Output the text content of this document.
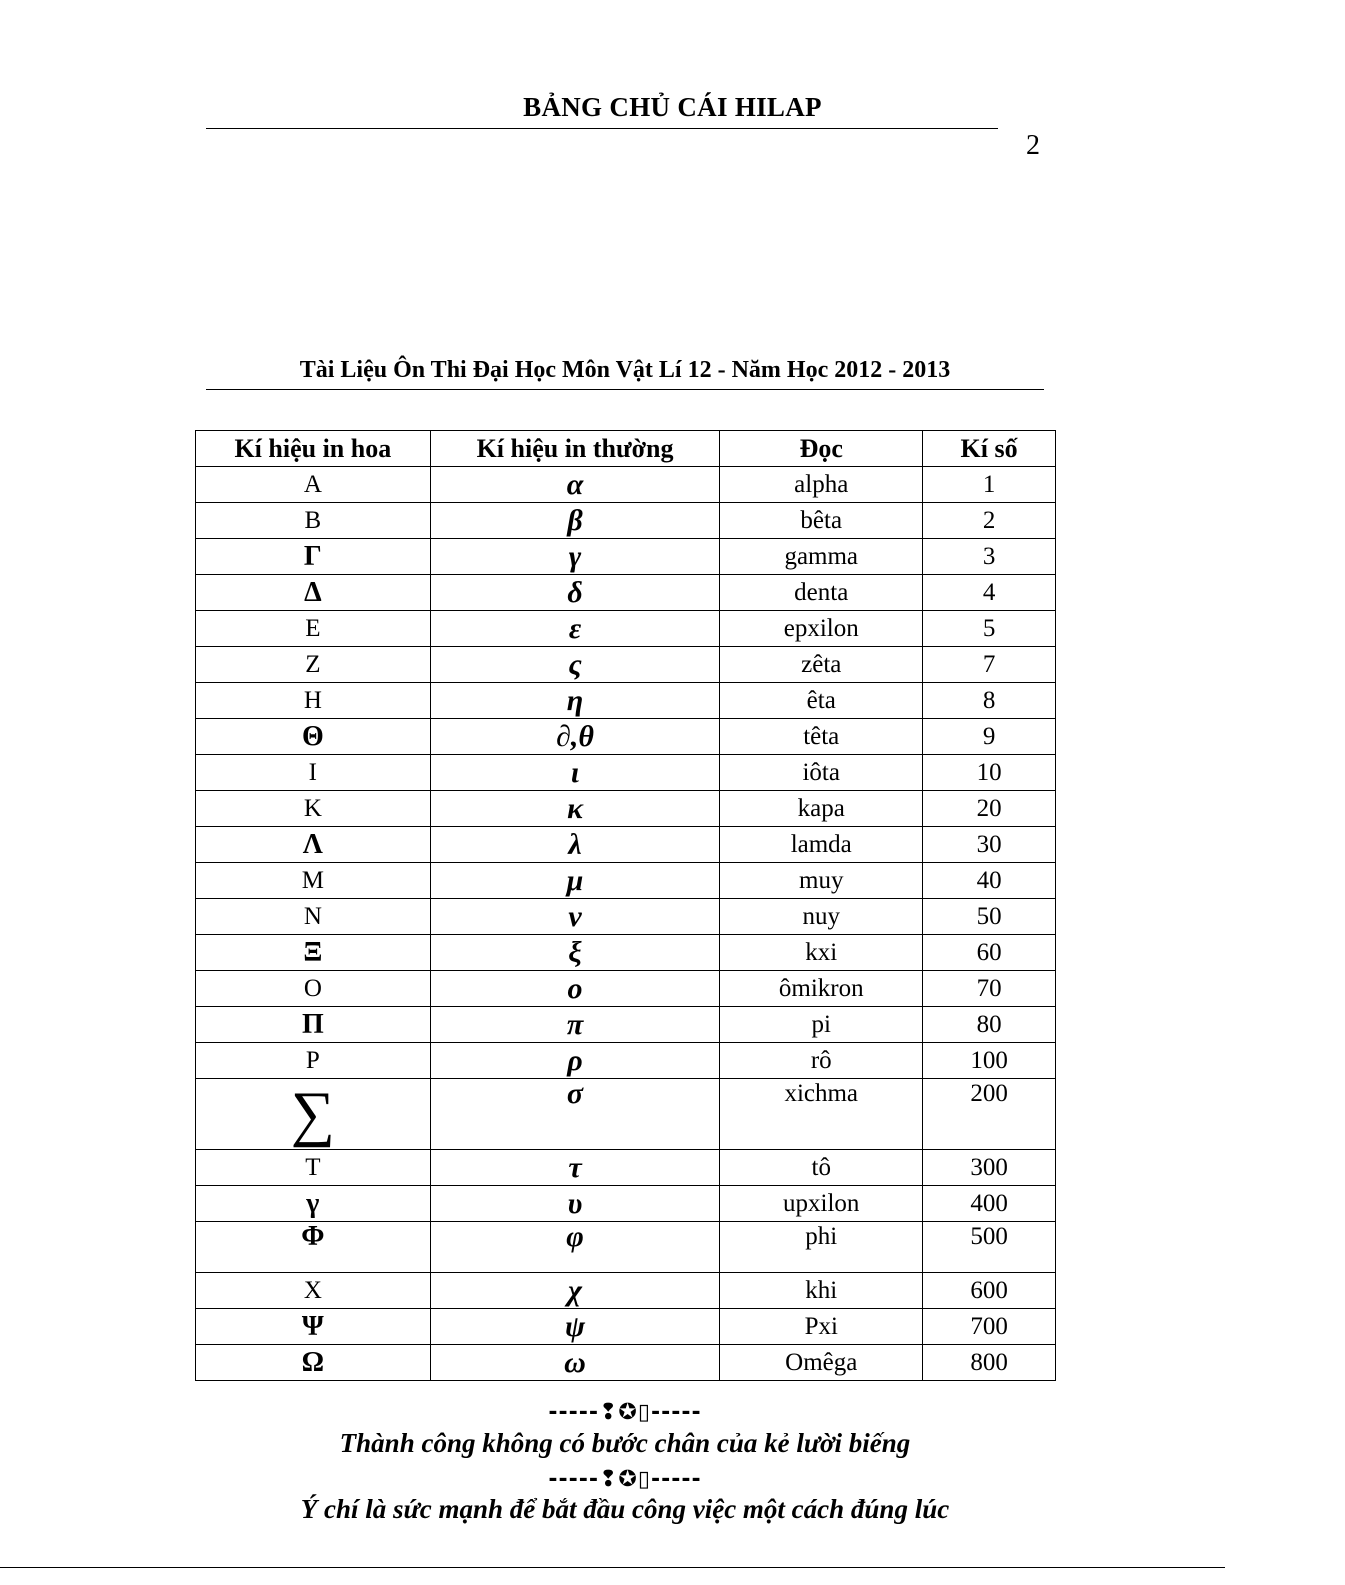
BẢNG CHỦ CÁI HILAP
2
Tài Liệu Ôn Thi Đại Học Môn Vật Lí 12 - Năm Học 2012 - 2013
Kí hiệu in hoa	Kí hiệu in thường	Đọc	Kí số
A	α	alpha	1
B	β	bêta	2
Γ	γ	gamma	3
Δ	δ	denta	4
E	ε	epxilon	5
Z	ς	zêta	7
H	η	êta	8
Θ	∂,θ	têta	9
I	ι	iôta	10
K	κ	kapa	20
Λ	λ	lamda	30
M	μ	muy	40
N	ν	nuy	50
Ξ	ξ	kxi	60
O	ο	ômikron	70
Π	π	pi	80
P	ρ	rô	100
∑	σ	xichma	200
T	τ	tô	300
γ	υ	upxilon	400
Φ	φ	phi	500
X	χ	khi	600
Ψ	ψ	Pxi	700
Ω	ω	Omêga	800
-----❢✪▯-----
Thành công không có bước chân của kẻ lười biếng
-----❢✪▯-----
Ý chí là sức mạnh để bắt đầu công việc một cách đúng lúc
